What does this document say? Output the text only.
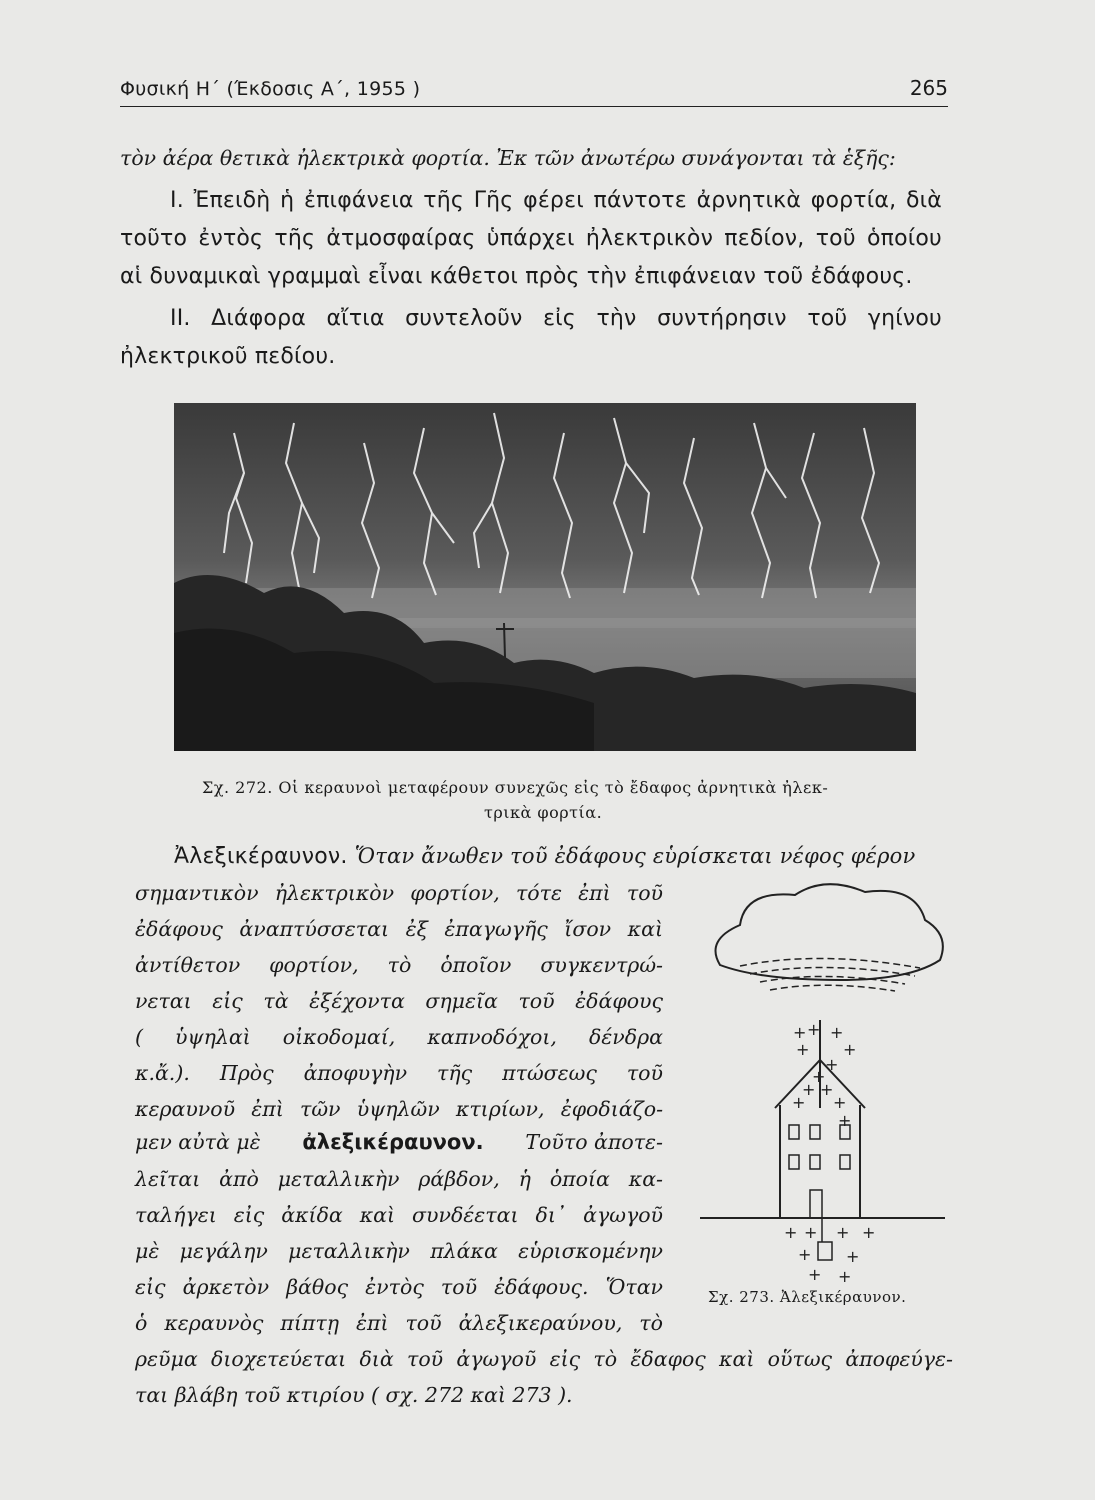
Φυσική Η΄ (Έκδοσις Α΄, 1955 )	265
τὸν ἀέρα θετικὰ ἠλεκτρικὰ φορτία. Ἐκ τῶν ἀνωτέρω συνάγονται τὰ ἑξῆς:
I. Ἐπειδὴ ἡ ἐπιφάνεια τῆς Γῆς φέρει πάντοτε ἀρνητικὰ φορτία, διὰ
τοῦτο ἐντὸς τῆς ἀτμοσφαίρας ὑπάρχει ἠλεκτρικὸν πεδίον, τοῦ ὁποίου
αἱ δυναμικαὶ γραμμαὶ εἶναι κάθετοι πρὸς τὴν ἐπιφάνειαν τοῦ ἐδάφους.
II. Διάφορα αἴτια συντελοῦν εἰς τὴν συντήρησιν τοῦ γηίνου
ἠλεκτρικοῦ πεδίου.
Σχ. 272. Οἱ κεραυνοὶ μεταφέρουν συνεχῶς εἰς τὸ ἔδαφος ἀρνητικὰ ἠλεκ-
τρικὰ φορτία.
Ἀλεξικέραυνον. Ὅταν ἄνωθεν τοῦ ἐδάφους εὑρίσκεται νέφος φέρον
σημαντικὸν ἠλεκτρικὸν φορτίον, τότε ἐπὶ τοῦ
ἐδάφους ἀναπτύσσεται ἐξ ἐπαγωγῆς ἴσον καὶ
ἀντίθετον φορτίον, τὸ ὁποῖον συγκεντρώ-
νεται εἰς τὰ ἐξέχοντα σημεῖα τοῦ ἐδάφους
( ὑψηλαὶ οἰκοδομαί, καπνοδόχοι, δένδρα
κ.ἄ.). Πρὸς ἀποφυγὴν τῆς πτώσεως τοῦ
κεραυνοῦ ἐπὶ τῶν ὑψηλῶν κτιρίων, ἐφοδιάζο-
μεν αὐτὰ μὲ ἀλεξικέραυνον. Τοῦτο ἀποτε-
λεῖται ἀπὸ μεταλλικὴν ράβδον, ἡ ὁποία κα-
ταλήγει εἰς ἀκίδα καὶ συνδέεται δι᾽ ἀγωγοῦ
μὲ μεγάλην μεταλλικὴν πλάκα εὑρισκομένην
εἰς ἀρκετὸν βάθος ἐντὸς τοῦ ἐδάφους. Ὅταν
ὁ κεραυνὸς πίπτῃ ἐπὶ τοῦ ἀλεξικεραύνου, τὸ
ρεῦμα διοχετεύεται διὰ τοῦ ἀγωγοῦ εἰς τὸ ἔδαφος καὶ οὕτως ἀποφεύγε-
ται βλάβη τοῦ κτιρίου ( σχ. 272 καὶ 273 ).
+ + +
+ +
+
+
+ +
+ +
+
+ + + +
+ +
+ +
Σχ. 273. Ἀλεξικέραυνον.
